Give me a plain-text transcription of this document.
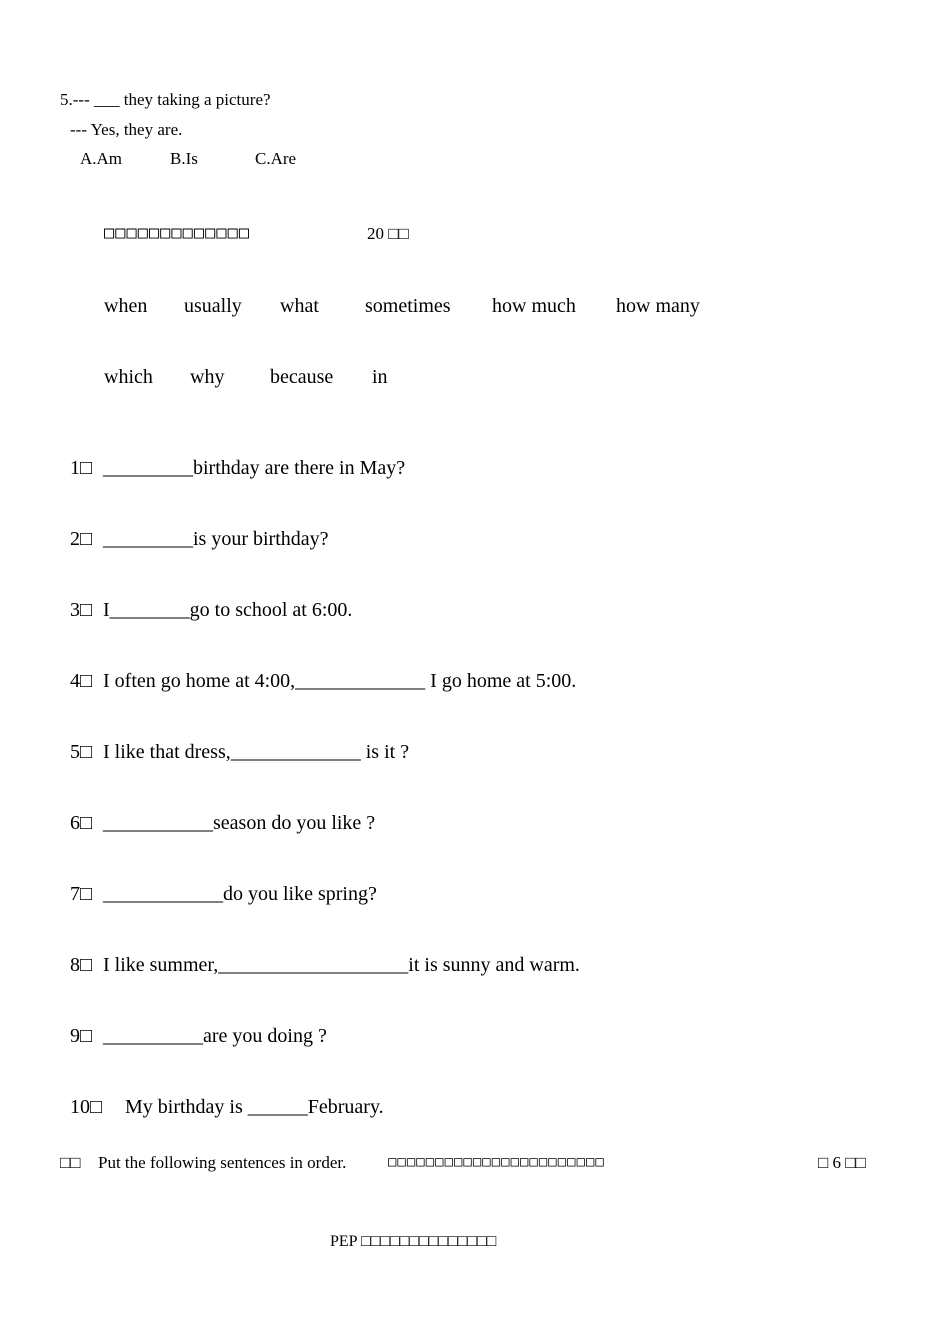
5.--- ___ they taking a picture?
--- Yes, they are.
A.Am	B.Is	C.Are
□□□□□□□□□□□□□	20 □□
when usually what sometimes how much how many
which why because in

1□ _________birthday are there in May?

2□ _________is your birthday?

3□ I________go to school at 6:00.

4□ I often go home at 4:00,_____________ I go home at 5:00.

5□ I like that dress,_____________ is it ?

6□ ___________season do you like ?

7□ ____________do you like spring?

8□ I like summer,___________________it is sunny and warm.

9□ __________are you doing ?

10□ My birthday is ______February.

□□ Put the following sentences in order.	□□□□□□□□□□□□□□□□□□□□□□□	□ 6 □□
PEP □□□□□□□□□□□□□□
